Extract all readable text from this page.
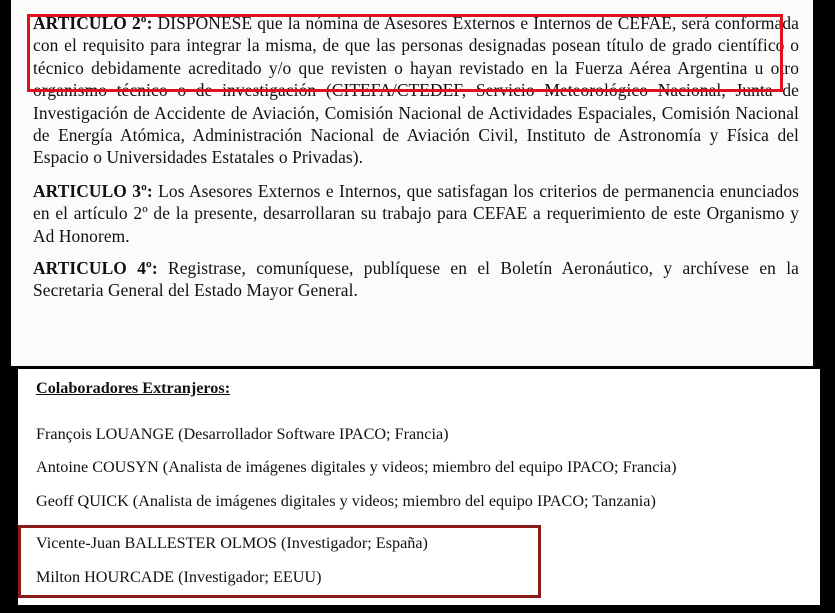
ARTICULO 2º: DISPONESE que la nómina de Asesores Externos e Internos de CEFAE, será conformada con el requisito para integrar la misma, de que las personas designadas posean título de grado científico o técnico debidamente acreditado y/o que revisten o hayan revistado en la Fuerza Aérea Argentina u otro organismo técnico o de investigación (CITEFA/CTEDEF, Servicio Meteorológico Nacional, Junta de Investigación de Accidente de Aviación, Comisión Nacional de Actividades Espaciales, Comisión Nacional de Energía Atómica, Administración Nacional de Aviación Civil, Instituto de Astronomía y Física del Espacio o Universidades Estatales o Privadas).

ARTICULO 3º: Los Asesores Externos e Internos, que satisfagan los criterios de permanencia enunciados en el artículo 2º de la presente, desarrollaran su trabajo para CEFAE a requerimiento de este Organismo y Ad Honorem.

ARTICULO 4º: Registrase, comuníquese, publíquese en el Boletín Aeronáutico, y archívese en la Secretaria General del Estado Mayor General.

Colaboradores Extranjeros:
François LOUANGE (Desarrollador Software IPACO; Francia)
Antoine COUSYN (Analista de imágenes digitales y videos; miembro del equipo IPACO; Francia)
Geoff QUICK (Analista de imágenes digitales y videos; miembro del equipo IPACO; Tanzania)
Vicente-Juan BALLESTER OLMOS (Investigador; España)
Milton HOURCADE (Investigador; EEUU)
